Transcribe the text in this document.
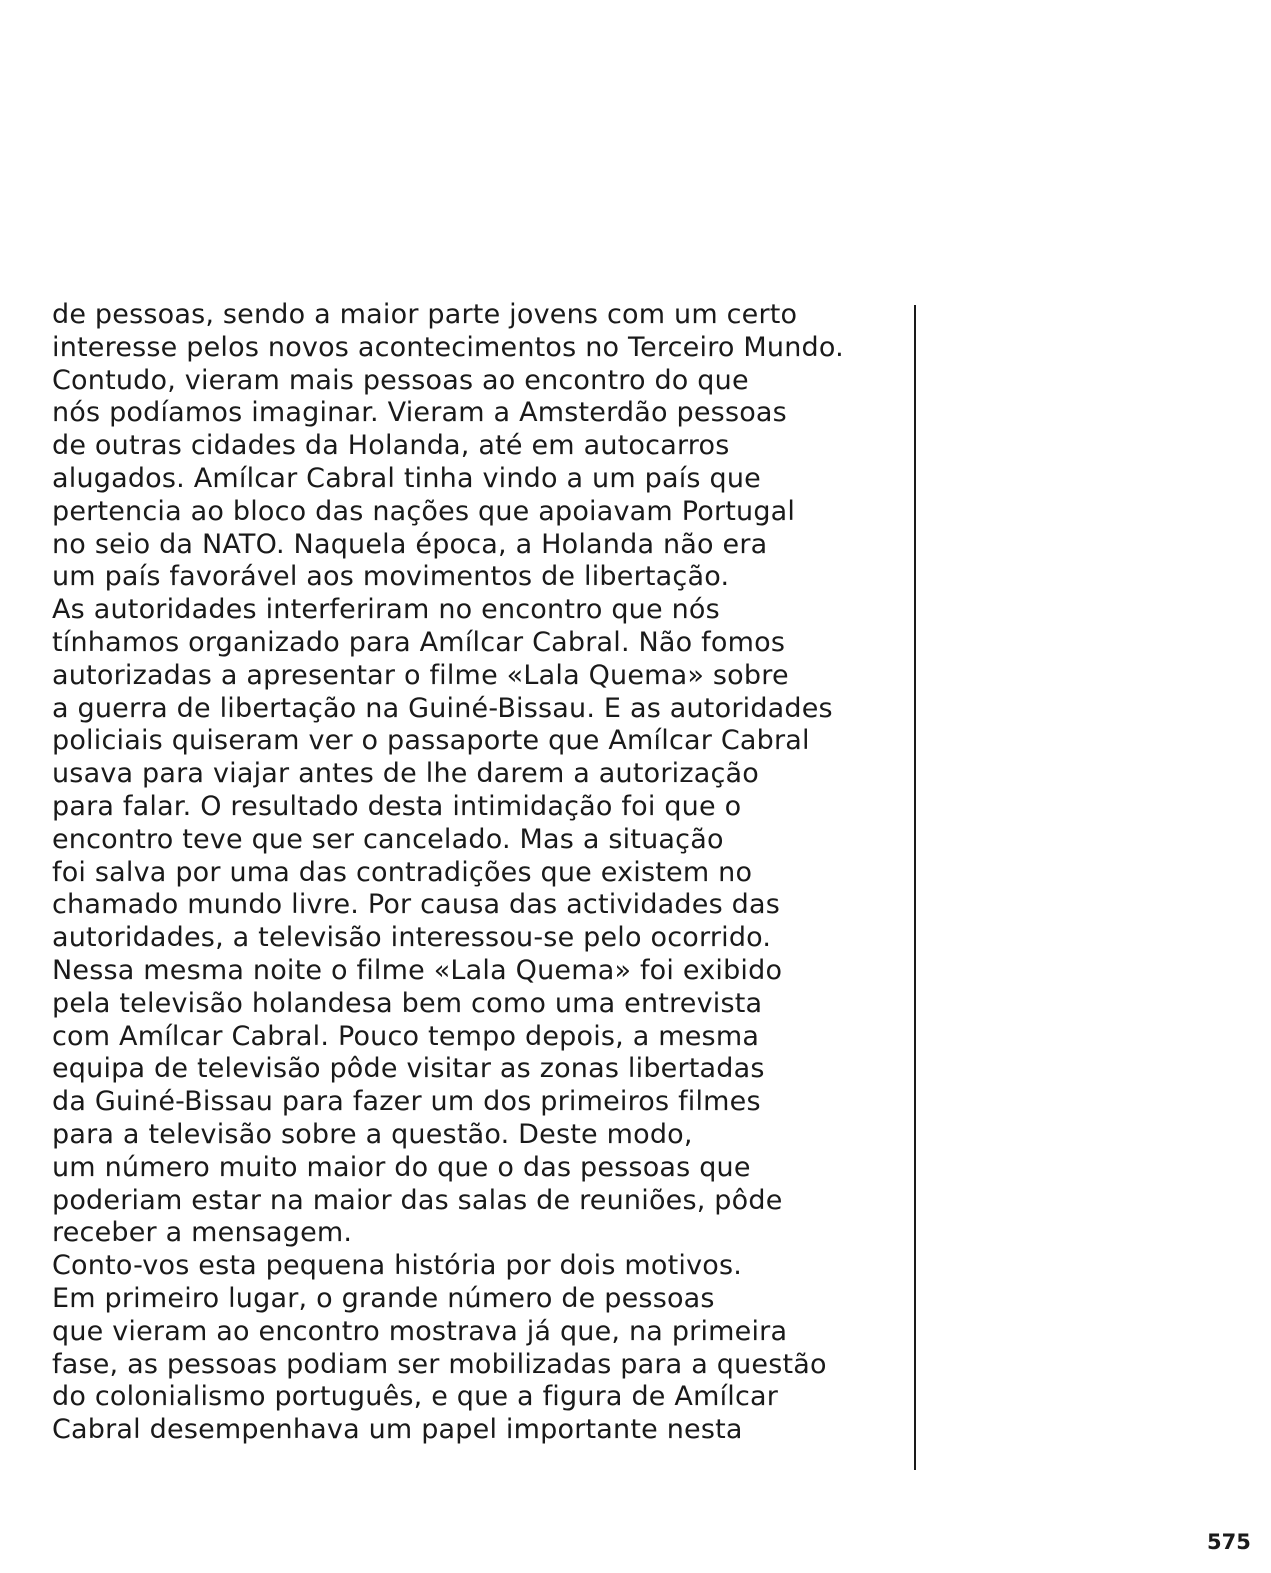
de pessoas, sendo a maior parte jovens com um certo
interesse pelos novos acontecimentos no Terceiro Mundo.
Contudo, vieram mais pessoas ao encontro do que
nós podíamos imaginar. Vieram a Amsterdão pessoas
de outras cidades da Holanda, até em autocarros
alugados. Amílcar Cabral tinha vindo a um país que
pertencia ao bloco das nações que apoiavam Portugal
no seio da NATO. Naquela época, a Holanda não era
um país favorável aos movimentos de libertação.
As autoridades interferiram no encontro que nós
tínhamos organizado para Amílcar Cabral. Não fomos
autorizadas a apresentar o filme «Lala Quema» sobre
a guerra de libertação na Guiné-Bissau. E as autoridades
policiais quiseram ver o passaporte que Amílcar Cabral
usava para viajar antes de lhe darem a autorização
para falar. O resultado desta intimidação foi que o
encontro teve que ser cancelado. Mas a situação
foi salva por uma das contradições que existem no
chamado mundo livre. Por causa das actividades das
autoridades, a televisão interessou-se pelo ocorrido.
Nessa mesma noite o filme «Lala Quema» foi exibido
pela televisão holandesa bem como uma entrevista
com Amílcar Cabral. Pouco tempo depois, a mesma
equipa de televisão pôde visitar as zonas libertadas
da Guiné-Bissau para fazer um dos primeiros filmes
para a televisão sobre a questão. Deste modo,
um número muito maior do que o das pessoas que
poderiam estar na maior das salas de reuniões, pôde
receber a mensagem.
Conto-vos esta pequena história por dois motivos.
Em primeiro lugar, o grande número de pessoas
que vieram ao encontro mostrava já que, na primeira
fase, as pessoas podiam ser mobilizadas para a questão
do colonialismo português, e que a figura de Amílcar
Cabral desempenhava um papel importante nesta
575
